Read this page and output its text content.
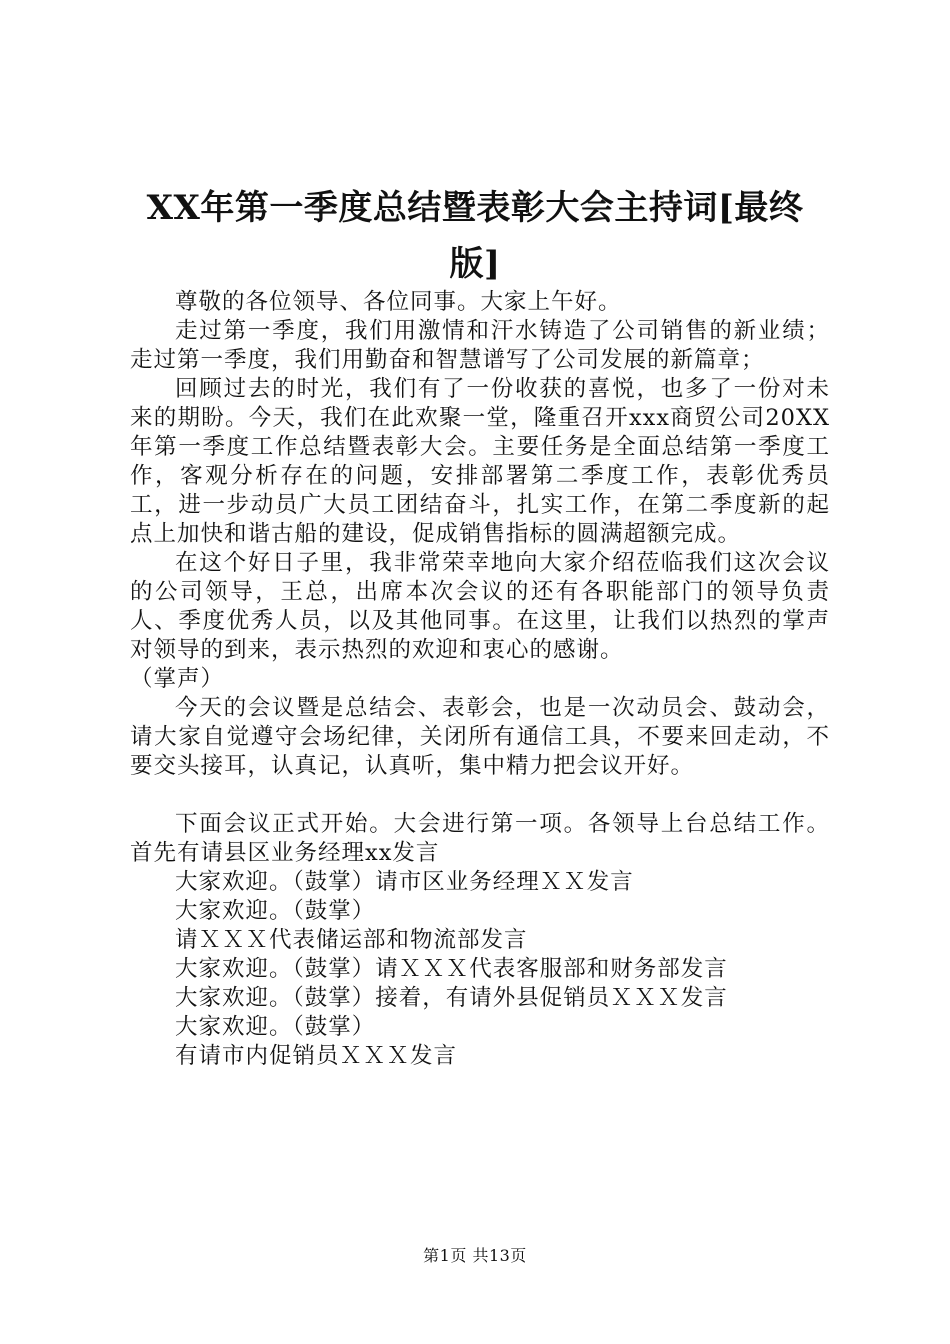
XX年第一季度总结暨表彰大会主持词[最终
版]

尊敬的各位领导、各位同事。大家上午好。

走过第一季度，我们用激情和汗水铸造了公司销售的新业绩；走过第一季度，我们用勤奋和智慧谱写了公司发展的新篇章；

回顾过去的时光，我们有了一份收获的喜悦，也多了一份对未来的期盼。今天，我们在此欢聚一堂，隆重召开xxx商贸公司20XX年第一季度工作总结暨表彰大会。主要任务是全面总结第一季度工作，客观分析存在的问题，安排部署第二季度工作，表彰优秀员工，进一步动员广大员工团结奋斗，扎实工作，在第二季度新的起点上加快和谐古船的建设，促成销售指标的圆满超额完成。

在这个好日子里，我非常荣幸地向大家介绍莅临我们这次会议的公司领导，王总，出席本次会议的还有各职能部门的领导负责人、季度优秀人员，以及其他同事。在这里，让我们以热烈的掌声对领导的到来，表示热烈的欢迎和衷心的感谢。

（掌声）

今天的会议暨是总结会、表彰会，也是一次动员会、鼓动会，请大家自觉遵守会场纪律，关闭所有通信工具，不要来回走动，不要交头接耳，认真记，认真听，集中精力把会议开好。

下面会议正式开始。大会进行第一项。各领导上台总结工作。首先有请县区业务经理xx发言

大家欢迎。（鼓掌）请市区业务经理ＸＸ发言

大家欢迎。（鼓掌）

请ＸＸＸ代表储运部和物流部发言

大家欢迎。（鼓掌）请ＸＸＸ代表客服部和财务部发言

大家欢迎。（鼓掌）接着，有请外县促销员ＸＸＸ发言

大家欢迎。（鼓掌）

有请市内促销员ＸＸＸ发言

第1页 共13页
